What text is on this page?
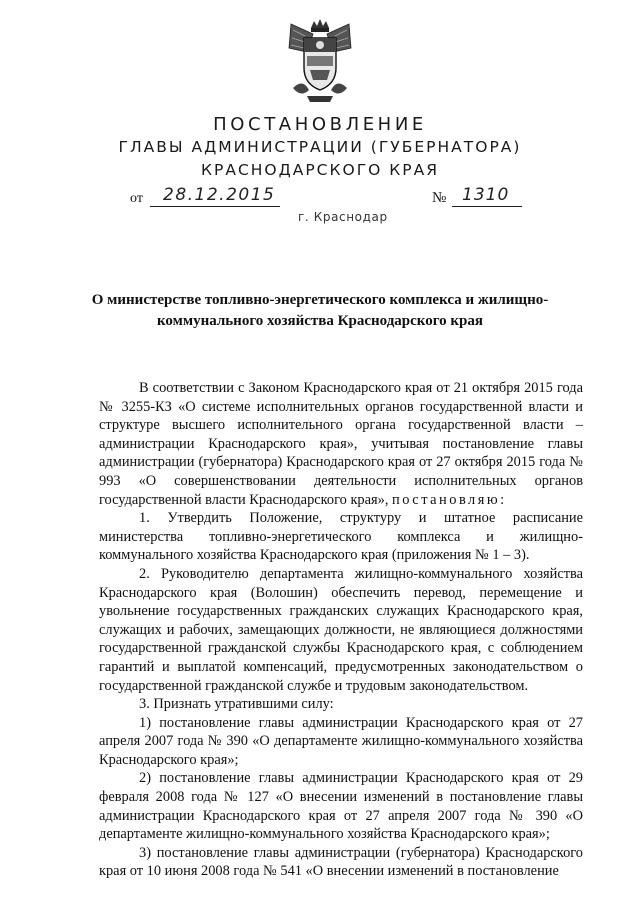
ПОСТАНОВЛЕНИЕ
ГЛАВЫ АДМИНИСТРАЦИИ (ГУБЕРНАТОРА)
КРАСНОДАРСКОГО КРАЯ
от 28.12.2015	№ 1310
г. Краснодар
О министерстве топливно-энергетического комплекса и жилищно-коммунального хозяйства Краснодарского края

В соответствии с Законом Краснодарского края от 21 октября 2015 года № 3255-КЗ «О системе исполнительных органов государственной власти и структуре высшего исполнительного органа государственной власти – администрации Краснодарского края», учитывая постановление главы администрации (губернатора) Краснодарского края от 27 октября 2015 года № 993 «О совершенствовании деятельности исполнительных органов государственной власти Краснодарского края», постановляю:

1. Утвердить Положение, структуру и штатное расписание министерства топливно-энергетического комплекса и жилищно-коммунального хозяйства Краснодарского края (приложения № 1 – 3).

2. Руководителю департамента жилищно-коммунального хозяйства Краснодарского края (Волошин) обеспечить перевод, перемещение и увольнение государственных гражданских служащих Краснодарского края, служащих и рабочих, замещающих должности, не являющиеся должностями государственной гражданской службы Краснодарского края, с соблюдением гарантий и выплатой компенсаций, предусмотренных законодательством о государственной гражданской службе и трудовым законодательством.

3. Признать утратившими силу:

1) постановление главы администрации Краснодарского края от 27 апреля 2007 года № 390 «О департаменте жилищно-коммунального хозяйства Краснодарского края»;

2) постановление главы администрации Краснодарского края от 29 февраля 2008 года № 127 «О внесении изменений в постановление главы администрации Краснодарского края от 27 апреля 2007 года № 390 «О департаменте жилищно-коммунального хозяйства Краснодарского края»;

3) постановление главы администрации (губернатора) Краснодарского края от 10 июня 2008 года № 541 «О внесении изменений в постановление
